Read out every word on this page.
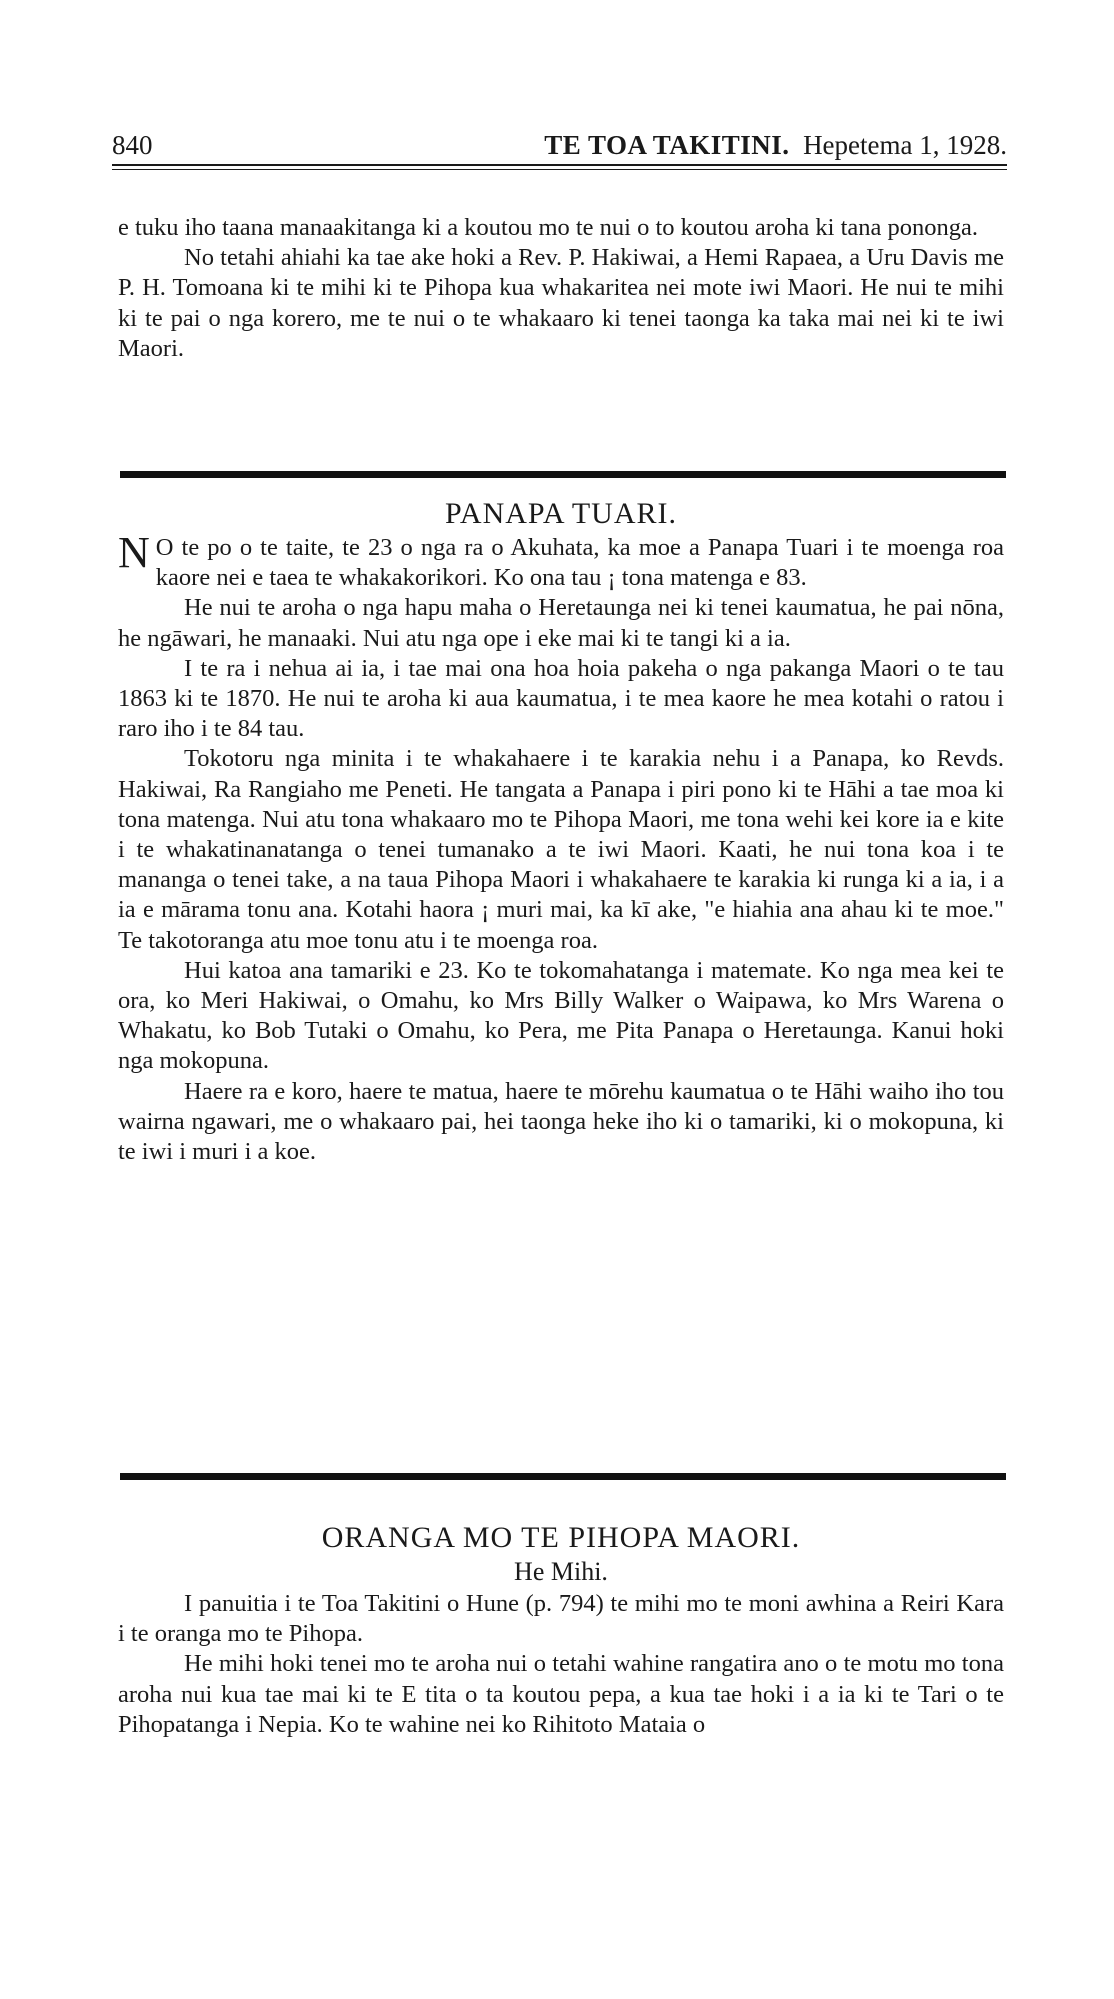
840	TE TOA TAKITINI. Hepetema 1, 1928.

e tuku iho taana manaakitanga ki a koutou mo te nui o to koutou aroha ki tana pononga.

No tetahi ahiahi ka tae ake hoki a Rev. P. Hakiwai, a Hemi Rapaea, a Uru Davis me P. H. Tomoana ki te mihi ki te Pihopa kua whakaritea nei mote iwi Maori. He nui te mihi ki te pai o nga korero, me te nui o te whakaaro ki tenei taonga ka taka mai nei ki te iwi Maori.

PANAPA TUARI.

N O te po o te taite, te 23 o nga ra o Akuhata, ka moe a Panapa Tuari i te moenga roa kaore nei e taea te whakakorikori. Ko ona tau ¡ tona matenga e 83.

He nui te aroha o nga hapu maha o Heretaunga nei ki tenei kaumatua, he pai nōna, he ngāwari, he manaaki. Nui atu nga ope i eke mai ki te tangi ki a ia.

I te ra i nehua ai ia, i tae mai ona hoa hoia pakeha o nga pakanga Maori o te tau 1863 ki te 1870. He nui te aroha ki aua kaumatua, i te mea kaore he mea kotahi o ratou i raro iho i te 84 tau.

Tokotoru nga minita i te whakahaere i te karakia nehu i a Panapa, ko Revds. Hakiwai, Ra Rangiaho me Peneti. He tangata a Panapa i piri pono ki te Hāhi a tae moa ki tona matenga. Nui atu tona whakaaro mo te Pihopa Maori, me tona wehi kei kore ia e kite i te whakatinanatanga o tenei tumanako a te iwi Maori. Kaati, he nui tona koa i te mananga o tenei take, a na taua Pihopa Maori i whakahaere te karakia ki runga ki a ia, i a ia e mārama tonu ana. Kotahi haora ¡ muri mai, ka kī ake, "e hiahia ana ahau ki te moe." Te takotoranga atu moe tonu atu i te moenga roa.

Hui katoa ana tamariki e 23. Ko te tokomahatanga i matemate. Ko nga mea kei te ora, ko Meri Hakiwai, o Omahu, ko Mrs Billy Walker o Waipawa, ko Mrs Warena o Whakatu, ko Bob Tutaki o Omahu, ko Pera, me Pita Panapa o Heretaunga. Kanui hoki nga mokopuna.

Haere ra e koro, haere te matua, haere te mōrehu kaumatua o te Hāhi waiho iho tou wairna ngawari, me o whakaaro pai, hei taonga heke iho ki o tamariki, ki o mokopuna, ki te iwi i muri i a koe.

ORANGA MO TE PIHOPA MAORI.
He Mihi.

I panuitia i te Toa Takitini o Hune (p. 794) te mihi mo te moni awhina a Reiri Kara i te oranga mo te Pihopa.

He mihi hoki tenei mo te aroha nui o tetahi wahine rangatira ano o te motu mo tona aroha nui kua tae mai ki te E tita o ta koutou pepa, a kua tae hoki i a ia ki te Tari o te Pihopatanga i Nepia. Ko te wahine nei ko Rihitoto Mataia o
